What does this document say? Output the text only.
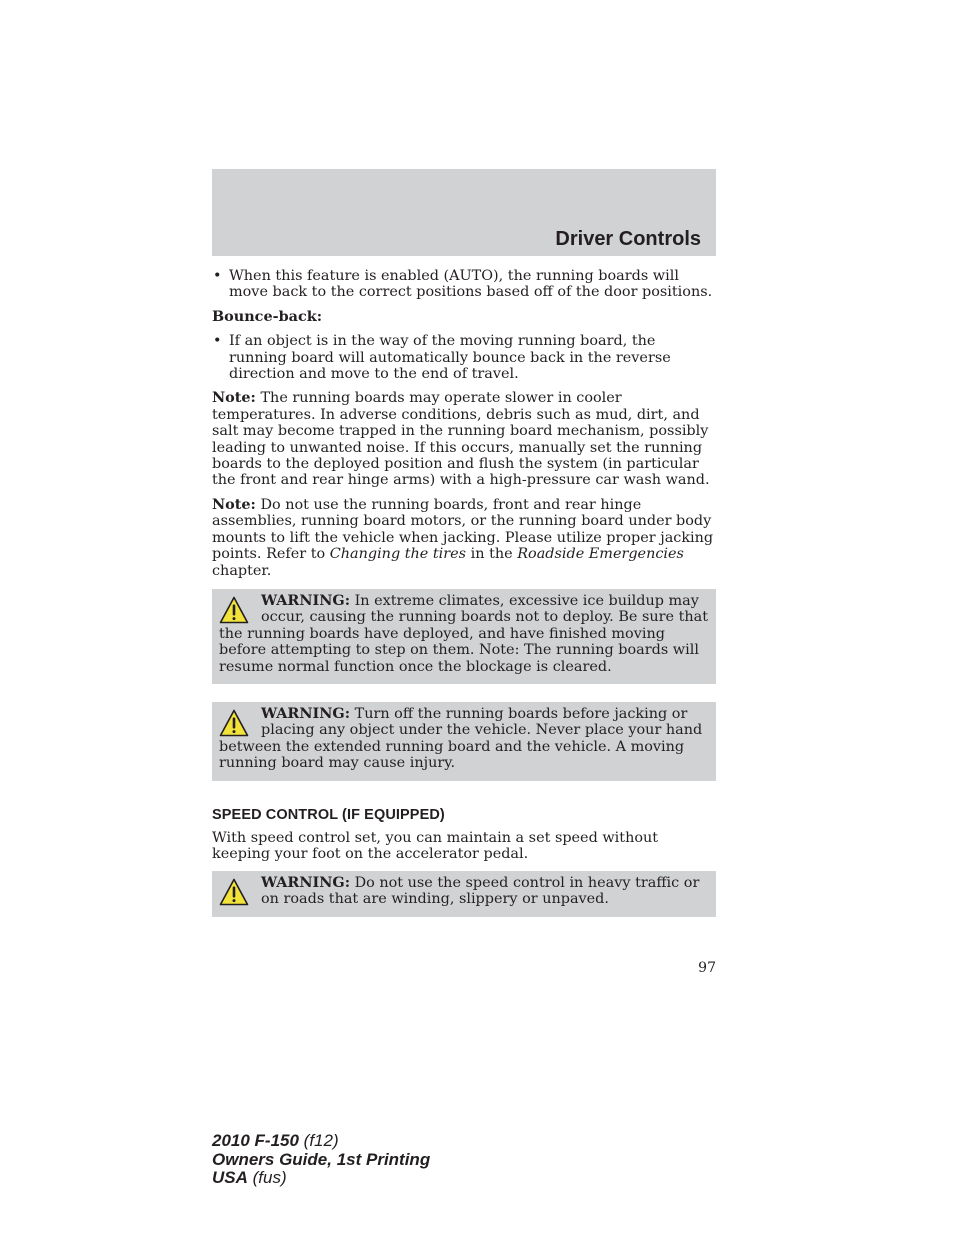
Driver Controls
• When this feature is enabled (AUTO), the running boards will move back to the correct positions based off of the door positions.
Bounce-back:
• If an object is in the way of the moving running board, the running board will automatically bounce back in the reverse direction and move to the end of travel.
Note: The running boards may operate slower in cooler temperatures. In adverse conditions, debris such as mud, dirt, and salt may become trapped in the running board mechanism, possibly leading to unwanted noise. If this occurs, manually set the running boards to the deployed position and flush the system (in particular the front and rear hinge arms) with a high-pressure car wash wand.
Note: Do not use the running boards, front and rear hinge assemblies, running board motors, or the running board under body mounts to lift the vehicle when jacking. Please utilize proper jacking points. Refer to Changing the tires in the Roadside Emergencies chapter.
WARNING: In extreme climates, excessive ice buildup may occur, causing the running boards not to deploy. Be sure that the running boards have deployed, and have finished moving before attempting to step on them. Note: The running boards will resume normal function once the blockage is cleared.
WARNING: Turn off the running boards before jacking or placing any object under the vehicle. Never place your hand between the extended running board and the vehicle. A moving running board may cause injury.
SPEED CONTROL (IF EQUIPPED)
With speed control set, you can maintain a set speed without keeping your foot on the accelerator pedal.
WARNING: Do not use the speed control in heavy traffic or on roads that are winding, slippery or unpaved.
97
2010 F-150 (f12)
Owners Guide, 1st Printing
USA (fus)
